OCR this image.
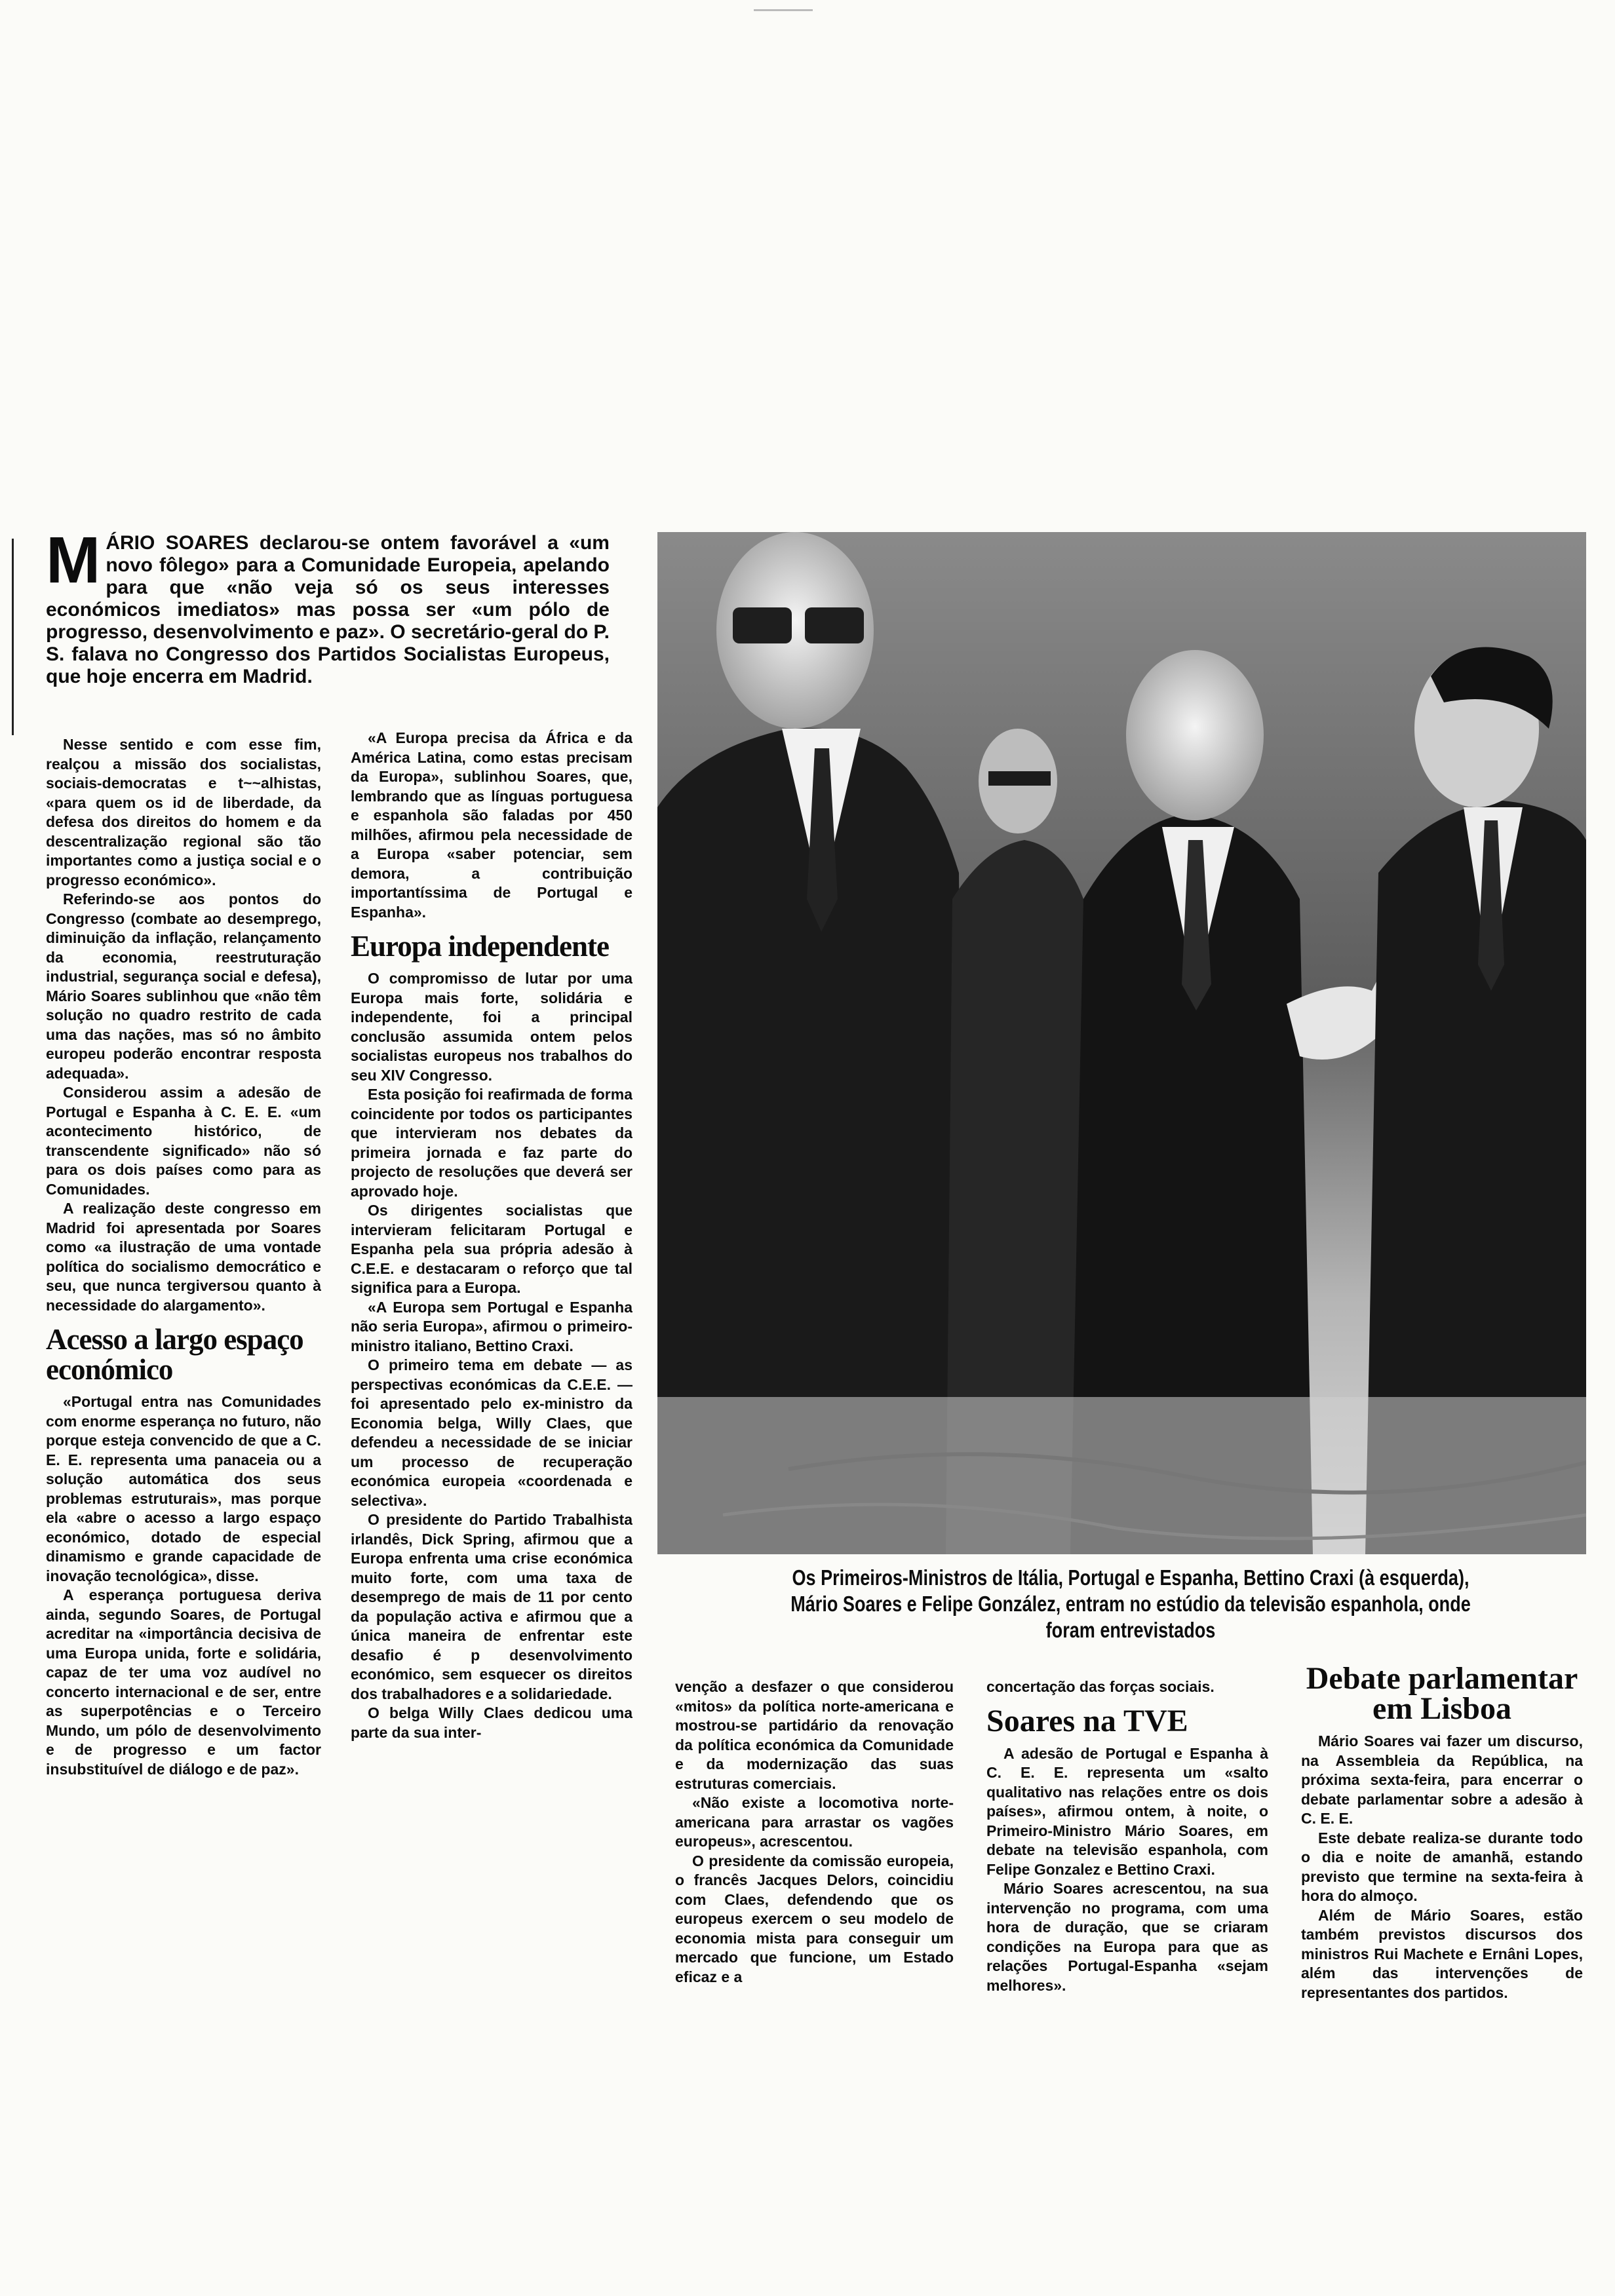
M ÁRIO SOARES declarou-se ontem favorável a «um novo fôlego» para a Comunidade Europeia, apelando para que «não veja só os seus interesses económicos imediatos» mas possa ser «um pólo de progresso, desenvolvimento e paz». O secretário-geral do P. S. falava no Congresso dos Partidos Socialistas Europeus, que hoje encerra em Madrid.

Nesse sentido e com esse fim, realçou a missão dos socialistas, sociais-democratas e t~~alhistas, «para quem os id de liberdade, da defesa dos direitos do homem e da descentralização regional são tão importantes como a justiça social e o progresso económico».

Referindo-se aos pontos do Congresso (combate ao desemprego, diminuição da inflação, relançamento da economia, reestruturação industrial, segurança social e defesa), Mário Soares sublinhou que «não têm solução no quadro restrito de cada uma das nações, mas só no âmbito europeu poderão encontrar resposta adequada».

Considerou assim a adesão de Portugal e Espanha à C. E. E. «um acontecimento histórico, de transcendente significado» não só para os dois países como para as Comunidades.

A realização deste congresso em Madrid foi apresentada por Soares como «a ilustração de uma vontade política do socialismo democrático e seu, que nunca tergiversou quanto à necessidade do alargamento».

Acesso a largo espaço económico

«Portugal entra nas Comunidades com enorme esperança no futuro, não porque esteja convencido de que a C. E. E. representa uma panaceia ou a solução automática dos seus problemas estruturais», mas porque ela «abre o acesso a largo espaço económico, dotado de especial dinamismo e grande capacidade de inovação tecnológica», disse.

A esperança portuguesa deriva ainda, segundo Soares, de Portugal acreditar na «importância decisiva de uma Europa unida, forte e solidária, capaz de ter uma voz audível no concerto internacional e de ser, entre as superpotências e o Terceiro Mundo, um pólo de desenvolvimento e de progresso e um factor insubstituível de diálogo e de paz».

«A Europa precisa da África e da América Latina, como estas precisam da Europa», sublinhou Soares, que, lembrando que as línguas portuguesa e espanhola são faladas por 450 milhões, afirmou pela necessidade de a Europa «saber potenciar, sem demora, a contribuição importantíssima de Portugal e Espanha».

Europa independente

O compromisso de lutar por uma Europa mais forte, solidária e independente, foi a principal conclusão assumida ontem pelos socialistas europeus nos trabalhos do seu XIV Congresso.

Esta posição foi reafirmada de forma coincidente por todos os participantes que intervieram nos debates da primeira jornada e faz parte do projecto de resoluções que deverá ser aprovado hoje.

Os dirigentes socialistas que intervieram felicitaram Portugal e Espanha pela sua própria adesão à C.E.E. e destacaram o reforço que tal significa para a Europa.

«A Europa sem Portugal e Espanha não seria Europa», afirmou o primeiro-ministro italiano, Bettino Craxi.

O primeiro tema em debate — as perspectivas económicas da C.E.E. — foi apresentado pelo ex-ministro da Economia belga, Willy Claes, que defendeu a necessidade de se iniciar um processo de recuperação económica europeia «coordenada e selectiva».

O presidente do Partido Trabalhista irlandês, Dick Spring, afirmou que a Europa enfrenta uma crise económica muito forte, com uma taxa de desemprego de mais de 11 por cento da população activa e afirmou que a única maneira de enfrentar este desafio é p desenvolvimento económico, sem esquecer os direitos dos trabalhadores e a solidariedade.

O belga Willy Claes dedicou uma parte da sua inter-

Os Primeiros-Ministros de Itália, Portugal e Espanha, Bettino Craxi (à esquerda), Mário Soares e Felipe González, entram no estúdio da televisão espanhola, onde foram entrevistados

venção a desfazer o que considerou «mitos» da política norte-americana e mostrou-se partidário da renovação da política económica da Comunidade e da modernização das suas estruturas comerciais.

«Não existe a locomotiva norte-americana para arrastar os vagões europeus», acrescentou.

O presidente da comissão europeia, o francês Jacques Delors, coincidiu com Claes, defendendo que os europeus exercem o seu modelo de economia mista para conseguir um mercado que funcione, um Estado eficaz e a

concertação das forças sociais.

Soares na TVE

A adesão de Portugal e Espanha à C. E. E. representa um «salto qualitativo nas relações entre os dois países», afirmou ontem, à noite, o Primeiro-Ministro Mário Soares, em debate na televisão espanhola, com Felipe Gonzalez e Bettino Craxi.

Mário Soares acrescentou, na sua intervenção no programa, com uma hora de duração, que se criaram condições na Europa para que as relações Portugal-Espanha «sejam melhores».

Debate parlamentar em Lisboa

Mário Soares vai fazer um discurso, na Assembleia da República, na próxima sexta-feira, para encerrar o debate parlamentar sobre a adesão à C. E. E.

Este debate realiza-se durante todo o dia e noite de amanhã, estando previsto que termine na sexta-feira à hora do almoço.

Além de Mário Soares, estão também previstos discursos dos ministros Rui Machete e Ernâni Lopes, além das intervenções de representantes dos partidos.
